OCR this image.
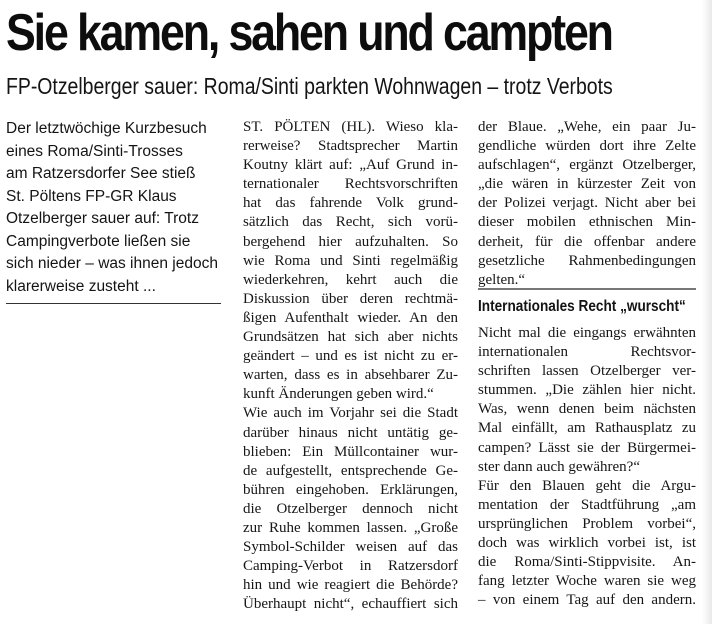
Sie kamen, sahen und campten
FP-Otzelberger sauer: Roma/Sinti parkten Wohnwagen – trotz Verbots
Der letztwöchige Kurzbesuch
eines Roma/Sinti-Trosses
am Ratzersdorfer See stieß
St. Pöltens FP-GR Klaus
Otzelberger sauer auf: Trotz
Campingverbote ließen sie
sich nieder – was ihnen jedoch
klarerweise zusteht ...
ST. PÖLTEN (HL). Wieso kla-
rerweise? Stadtsprecher Martin
Koutny klärt auf: „Auf Grund in-
ternationaler Rechtsvorschriften
hat das fahrende Volk grund-
sätzlich das Recht, sich vorü-
bergehend hier aufzuhalten. So
wie Roma und Sinti regelmäßig
wiederkehren, kehrt auch die
Diskussion über deren rechtmä-
ßigen Aufenthalt wieder. An den
Grundsätzen hat sich aber nichts
geändert – und es ist nicht zu er-
warten, dass es in absehbarer Zu-
kunft Änderungen geben wird.“
Wie auch im Vorjahr sei die Stadt
darüber hinaus nicht untätig ge-
blieben: Ein Müllcontainer wur-
de aufgestellt, entsprechende Ge-
bühren eingehoben. Erklärungen,
die Otzelberger dennoch nicht
zur Ruhe kommen lassen. „Große
Symbol-Schilder weisen auf das
Camping-Verbot in Ratzersdorf
hin und wie reagiert die Behörde?
Überhaupt nicht“, echauffiert sich
der Blaue. „Wehe, ein paar Ju-
gendliche würden dort ihre Zelte
aufschlagen“, ergänzt Otzelberger,
„die wären in kürzester Zeit von
der Polizei verjagt. Nicht aber bei
dieser mobilen ethnischen Min-
derheit, für die offenbar andere
gesetzliche Rahmenbedingungen
gelten.“
Internationales Recht „wurscht“
Nicht mal die eingangs erwähnten
internationalen Rechtsvor-
schriften lassen Otzelberger ver-
stummen. „Die zählen hier nicht.
Was, wenn denen beim nächsten
Mal einfällt, am Rathausplatz zu
campen? Lässt sie der Bürgermei-
ster dann auch gewähren?“
Für den Blauen geht die Argu-
mentation der Stadtführung „am
ursprünglichen Problem vorbei“,
doch was wirklich vorbei ist, ist
die Roma/Sinti-Stippvisite. An-
fang letzter Woche waren sie weg
– von einem Tag auf den andern.
